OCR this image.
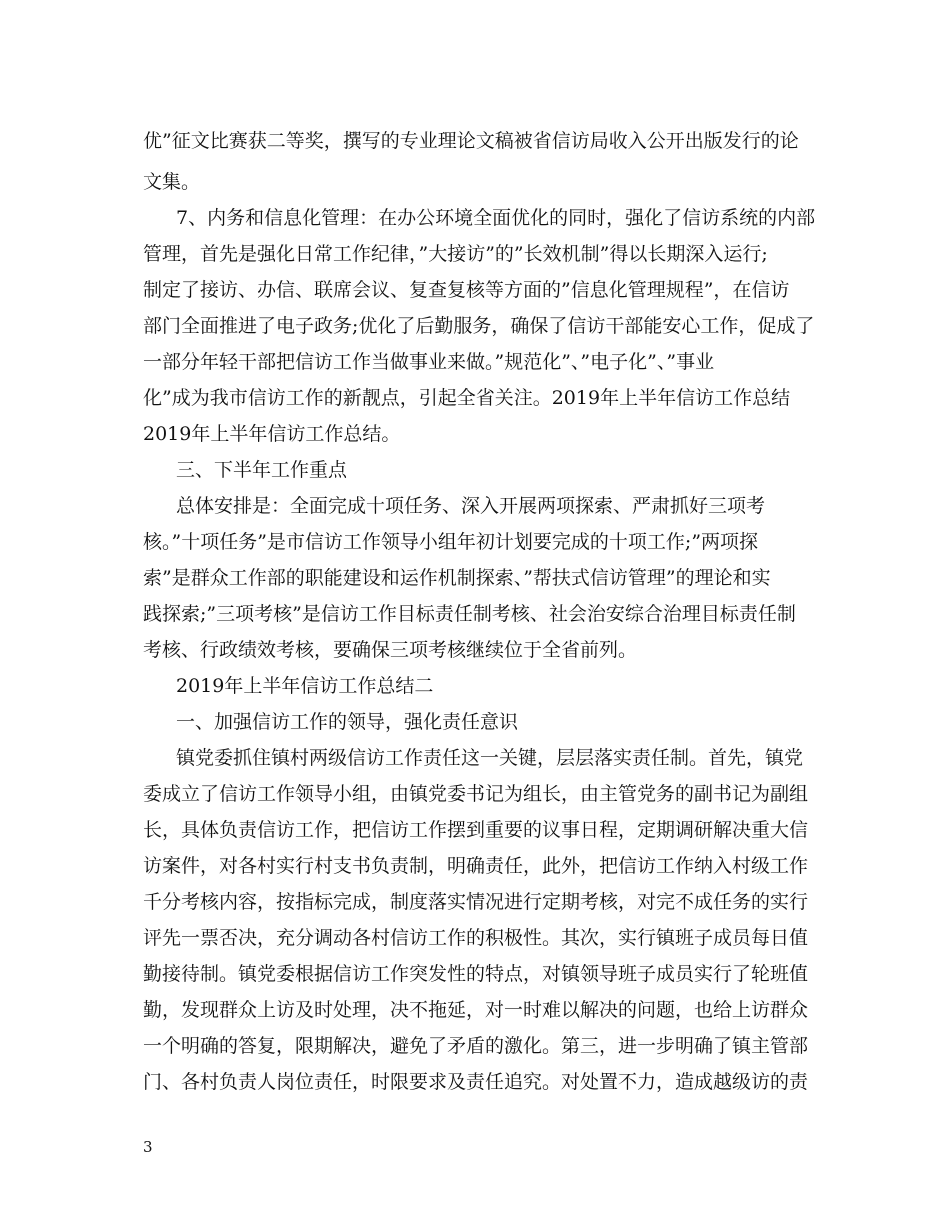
优”征文比赛获二等奖，撰写的专业理论文稿被省信访局收入公开出版发行的论
文集。
7、内务和信息化管理：在办公环境全面优化的同时，强化了信访系统的内部
管理，首先是强化日常工作纪律，”大接访”的”长效机制”得以长期深入运行;
制定了接访、办信、联席会议、复查复核等方面的”信息化管理规程”，在信访
部门全面推进了电子政务;优化了后勤服务，确保了信访干部能安心工作，促成了
一部分年轻干部把信访工作当做事业来做。”规范化”、”电子化”、”事业
化”成为我市信访工作的新靓点，引起全省关注。2019年上半年信访工作总结
2019年上半年信访工作总结。
三、下半年工作重点
总体安排是：全面完成十项任务、深入开展两项探索、严肃抓好三项考
核。”十项任务”是市信访工作领导小组年初计划要完成的十项工作;”两项探
索”是群众工作部的职能建设和运作机制探索、”帮扶式信访管理”的理论和实
践探索;”三项考核”是信访工作目标责任制考核、社会治安综合治理目标责任制
考核、行政绩效考核，要确保三项考核继续位于全省前列。
2019年上半年信访工作总结二
一、加强信访工作的领导，强化责任意识
镇党委抓住镇村两级信访工作责任这一关键，层层落实责任制。首先，镇党
委成立了信访工作领导小组，由镇党委书记为组长，由主管党务的副书记为副组
长，具体负责信访工作，把信访工作摆到重要的议事日程，定期调研解决重大信
访案件，对各村实行村支书负责制，明确责任，此外，把信访工作纳入村级工作
千分考核内容，按指标完成，制度落实情况进行定期考核，对完不成任务的实行
评先一票否决，充分调动各村信访工作的积极性。其次，实行镇班子成员每日值
勤接待制。镇党委根据信访工作突发性的特点，对镇领导班子成员实行了轮班值
勤，发现群众上访及时处理，决不拖延，对一时难以解决的问题，也给上访群众
一个明确的答复，限期解决，避免了矛盾的激化。第三，进一步明确了镇主管部
门、各村负责人岗位责任，时限要求及责任追究。对处置不力，造成越级访的责
3
